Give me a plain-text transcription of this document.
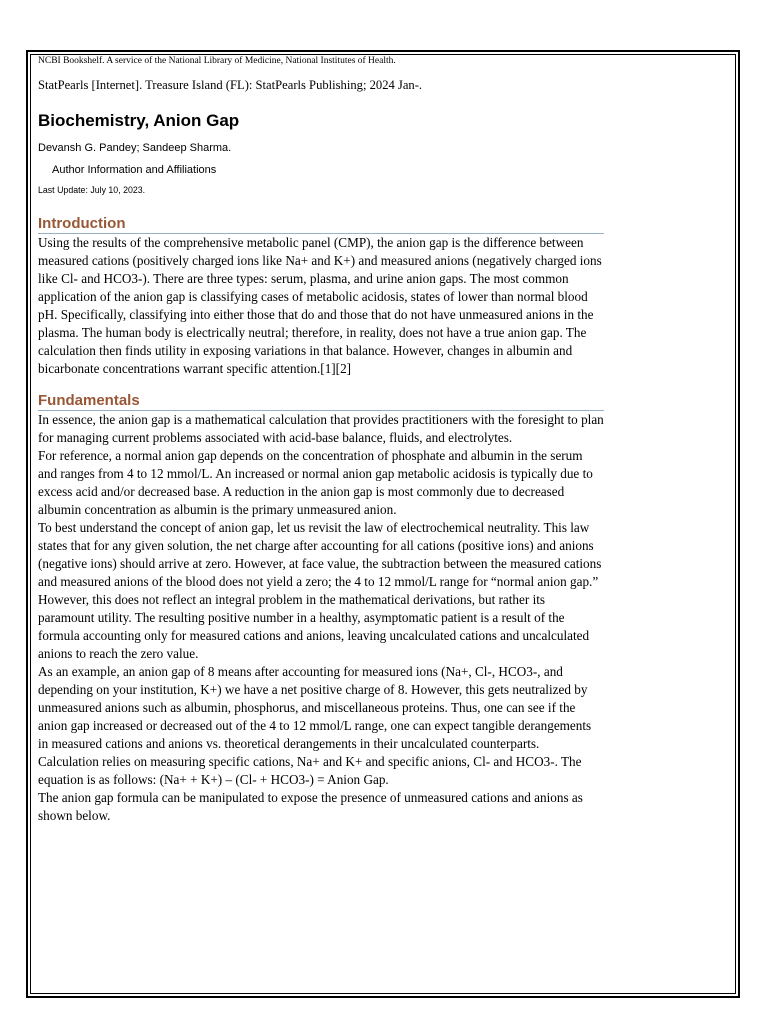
NCBI Bookshelf. A service of the National Library of Medicine, National Institutes of Health.

StatPearls [Internet]. Treasure Island (FL): StatPearls Publishing; 2024 Jan-.

Biochemistry, Anion Gap

Devansh G. Pandey; Sandeep Sharma.

Author Information and Affiliations

Last Update: July 10, 2023.

Introduction

Using the results of the comprehensive metabolic panel (CMP), the anion gap is the difference between measured cations (positively charged ions like Na+ and K+) and measured anions (negatively charged ions like Cl- and HCO3-). There are three types: serum, plasma, and urine anion gaps. The most common application of the anion gap is classifying cases of metabolic acidosis, states of lower than normal blood pH. Specifically, classifying into either those that do and those that do not have unmeasured anions in the plasma. The human body is electrically neutral; therefore, in reality, does not have a true anion gap. The calculation then finds utility in exposing variations in that balance. However, changes in albumin and bicarbonate concentrations warrant specific attention.[1][2]

Fundamentals

In essence, the anion gap is a mathematical calculation that provides practitioners with the foresight to plan for managing current problems associated with acid-base balance, fluids, and electrolytes.

For reference, a normal anion gap depends on the concentration of phosphate and albumin in the serum and ranges from 4 to 12 mmol/L. An increased or normal anion gap metabolic acidosis is typically due to excess acid and/or decreased base. A reduction in the anion gap is most commonly due to decreased albumin concentration as albumin is the primary unmeasured anion.

To best understand the concept of anion gap, let us revisit the law of electrochemical neutrality. This law states that for any given solution, the net charge after accounting for all cations (positive ions) and anions (negative ions) should arrive at zero. However, at face value, the subtraction between the measured cations and measured anions of the blood does not yield a zero; the 4 to 12 mmol/L range for “normal anion gap.” However, this does not reflect an integral problem in the mathematical derivations, but rather its paramount utility. The resulting positive number in a healthy, asymptomatic patient is a result of the formula accounting only for measured cations and anions, leaving uncalculated cations and uncalculated anions to reach the zero value.

As an example, an anion gap of 8 means after accounting for measured ions (Na+, Cl-, HCO3-, and depending on your institution, K+) we have a net positive charge of 8. However, this gets neutralized by unmeasured anions such as albumin, phosphorus, and miscellaneous proteins. Thus, one can see if the anion gap increased or decreased out of the 4 to 12 mmol/L range, one can expect tangible derangements in measured cations and anions vs. theoretical derangements in their uncalculated counterparts.

Calculation relies on measuring specific cations, Na+ and K+ and specific anions, Cl- and HCO3-. The equation is as follows: (Na+ + K+) – (Cl- + HCO3-) = Anion Gap.

The anion gap formula can be manipulated to expose the presence of unmeasured cations and anions as shown below.
